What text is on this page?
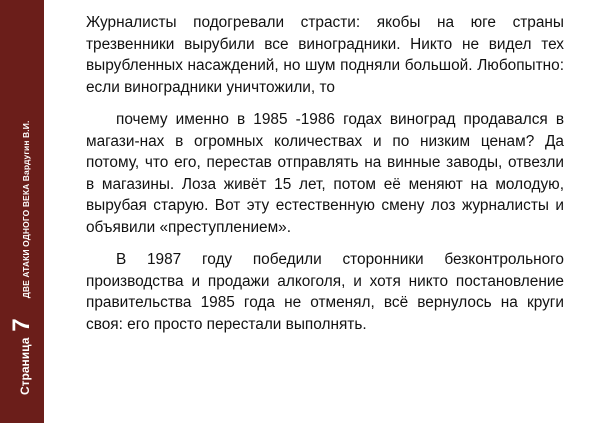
Страница
7
ДВЕ АТАКИ ОДНОГО ВЕКА Вардугин В.И.

Журналисты подогревали страсти: якобы на юге страны трезвенники вырубили все виноградники. Никто не видел тех вырубленных насаждений, но шум подняли большой. Любопытно: если виноградники уничтожили, то

почему именно в 1985 -1986 годах виноград продавался в магази-нах в огромных количествах и по низким ценам? Да потому, что его, перестав отправлять на винные заводы, отвезли в магазины. Лоза живёт 15 лет, потом её меняют на молодую, вырубая старую. Вот эту естественную смену лоз журналисты и объявили «преступлением».

В 1987 году победили сторонники безконтрольного производства и продажи алкоголя, и хотя никто постановление правительства 1985 года не отменял, всё вернулось на круги своя: его просто перестали выполнять.
